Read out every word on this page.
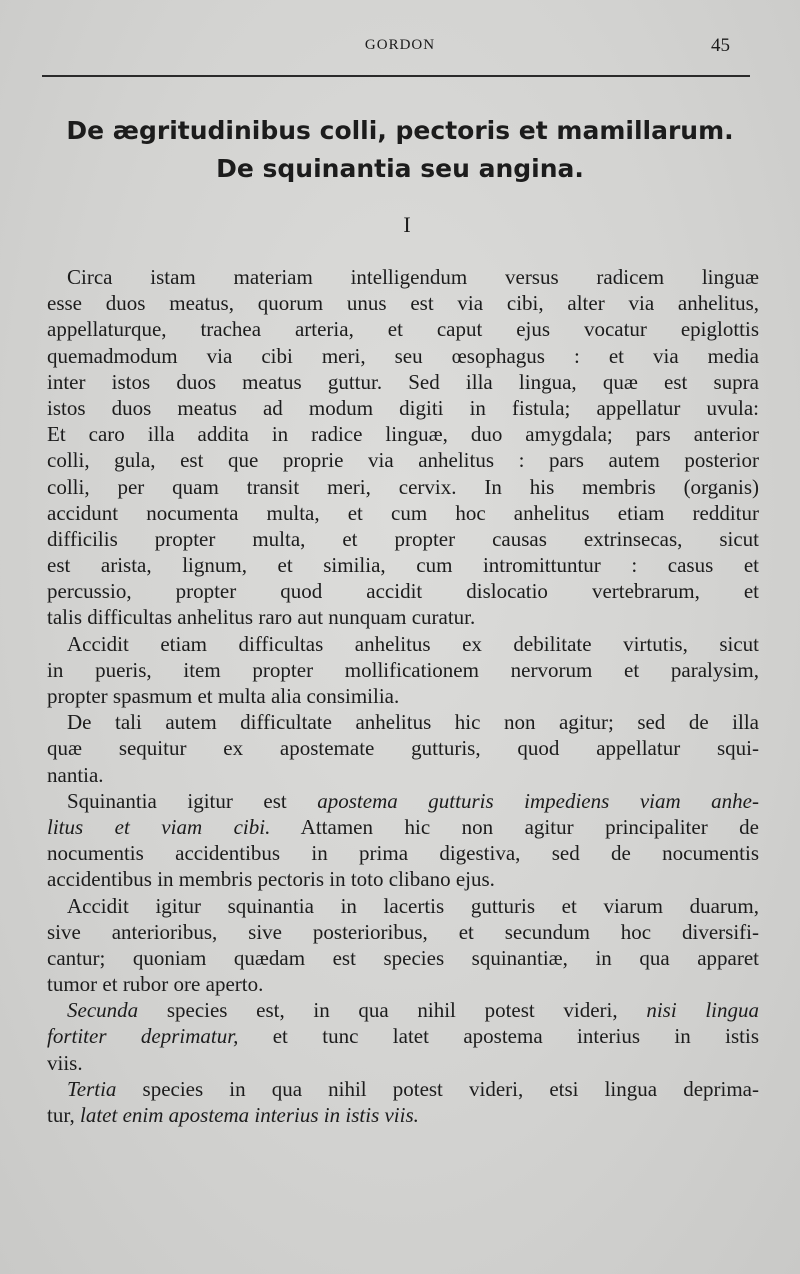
GORDON	45
De ægritudinibus colli, pectoris et mamillarum.
De squinantia seu angina.
I
Circa istam materiam intelligendum versus radicem linguæ
esse duos meatus, quorum unus est via cibi, alter via anhelitus,
appellaturque, trachea arteria, et caput ejus vocatur epiglottis
quemadmodum via cibi meri, seu œsophagus : et via media
inter istos duos meatus guttur. Sed illa lingua, quæ est supra
istos duos meatus ad modum digiti in fistula; appellatur uvula:
Et caro illa addita in radice linguæ, duo amygdala; pars anterior
colli, gula, est que proprie via anhelitus : pars autem posterior
colli, per quam transit meri, cervix. In his membris (organis)
accidunt nocumenta multa, et cum hoc anhelitus etiam redditur
difficilis propter multa, et propter causas extrinsecas, sicut
est arista, lignum, et similia, cum intromittuntur : casus et
percussio, propter quod accidit dislocatio vertebrarum, et
talis difficultas anhelitus raro aut nunquam curatur.
Accidit etiam difficultas anhelitus ex debilitate virtutis, sicut
in pueris, item propter mollificationem nervorum et paralysim,
propter spasmum et multa alia consimilia.
De tali autem difficultate anhelitus hic non agitur; sed de illa
quæ sequitur ex apostemate gutturis, quod appellatur squi-
nantia.
Squinantia igitur est apostema gutturis impediens viam anhe-
litus et viam cibi. Attamen hic non agitur principaliter de
nocumentis accidentibus in prima digestiva, sed de nocumentis
accidentibus in membris pectoris in toto clibano ejus.
Accidit igitur squinantia in lacertis gutturis et viarum duarum,
sive anterioribus, sive posterioribus, et secundum hoc diversifi-
cantur; quoniam quædam est species squinantiæ, in qua apparet
tumor et rubor ore aperto.
Secunda species est, in qua nihil potest videri, nisi lingua
fortiter deprimatur, et tunc latet apostema interius in istis
viis.
Tertia species in qua nihil potest videri, etsi lingua deprima-
tur, latet enim apostema interius in istis viis.
